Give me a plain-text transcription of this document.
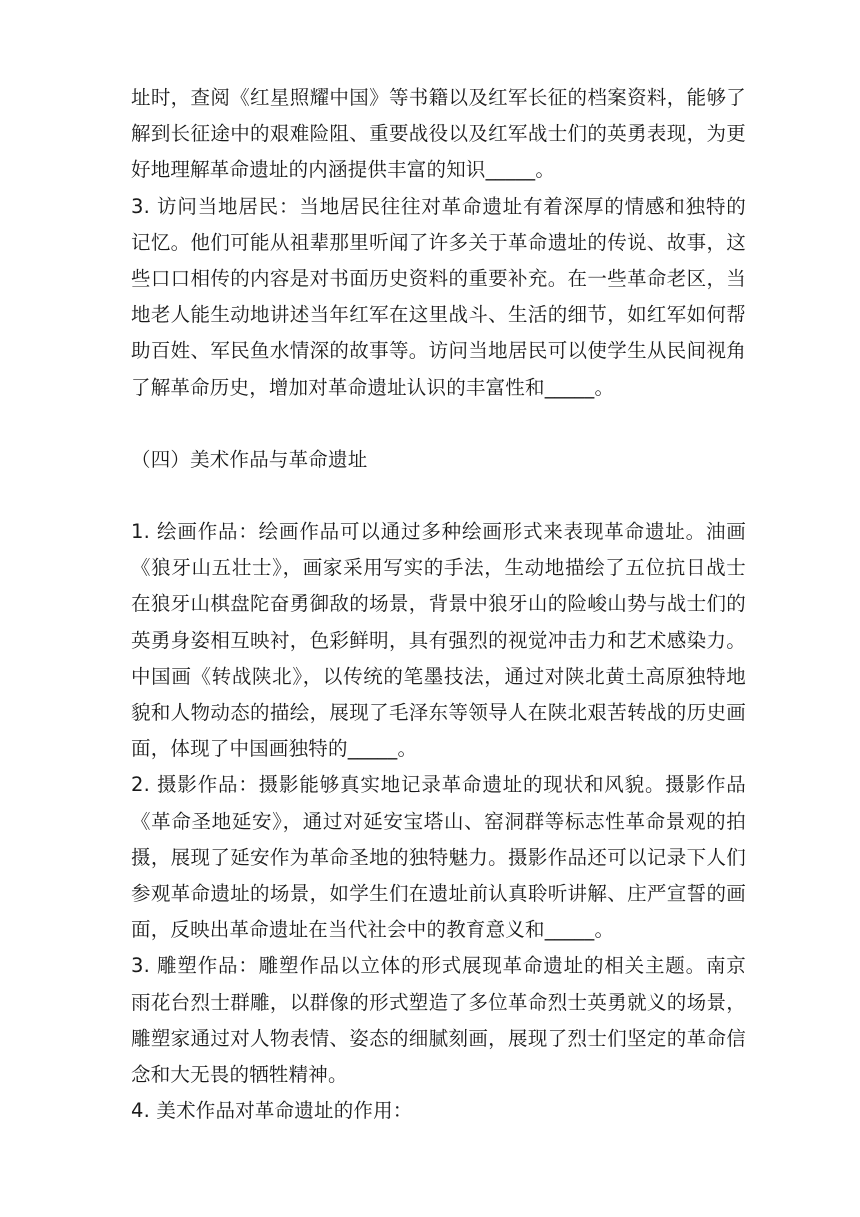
址时，查阅《红星照耀中国》等书籍以及红军长征的档案资料，能够了解到长征途中的艰难险阻、重要战役以及红军战士们的英勇表现，为更好地理解革命遗址的内涵提供丰富的知识_____。

3. 访问当地居民：当地居民往往对革命遗址有着深厚的情感和独特的记忆。他们可能从祖辈那里听闻了许多关于革命遗址的传说、故事，这些口口相传的内容是对书面历史资料的重要补充。在一些革命老区，当地老人能生动地讲述当年红军在这里战斗、生活的细节，如红军如何帮助百姓、军民鱼水情深的故事等。访问当地居民可以使学生从民间视角了解革命历史，增加对革命遗址认识的丰富性和_____。

（四）美术作品与革命遗址

1. 绘画作品：绘画作品可以通过多种绘画形式来表现革命遗址。油画《狼牙山五壮士》，画家采用写实的手法，生动地描绘了五位抗日战士在狼牙山棋盘陀奋勇御敌的场景，背景中狼牙山的险峻山势与战士们的英勇身姿相互映衬，色彩鲜明，具有强烈的视觉冲击力和艺术感染力。中国画《转战陕北》，以传统的笔墨技法，通过对陕北黄土高原独特地貌和人物动态的描绘，展现了毛泽东等领导人在陕北艰苦转战的历史画面，体现了中国画独特的_____。

2. 摄影作品：摄影能够真实地记录革命遗址的现状和风貌。摄影作品《革命圣地延安》，通过对延安宝塔山、窑洞群等标志性革命景观的拍摄，展现了延安作为革命圣地的独特魅力。摄影作品还可以记录下人们参观革命遗址的场景，如学生们在遗址前认真聆听讲解、庄严宣誓的画面，反映出革命遗址在当代社会中的教育意义和_____。

3. 雕塑作品：雕塑作品以立体的形式展现革命遗址的相关主题。南京雨花台烈士群雕，以群像的形式塑造了多位革命烈士英勇就义的场景，雕塑家通过对人物表情、姿态的细腻刻画，展现了烈士们坚定的革命信念和大无畏的牺牲精神。

4. 美术作品对革命遗址的作用：
